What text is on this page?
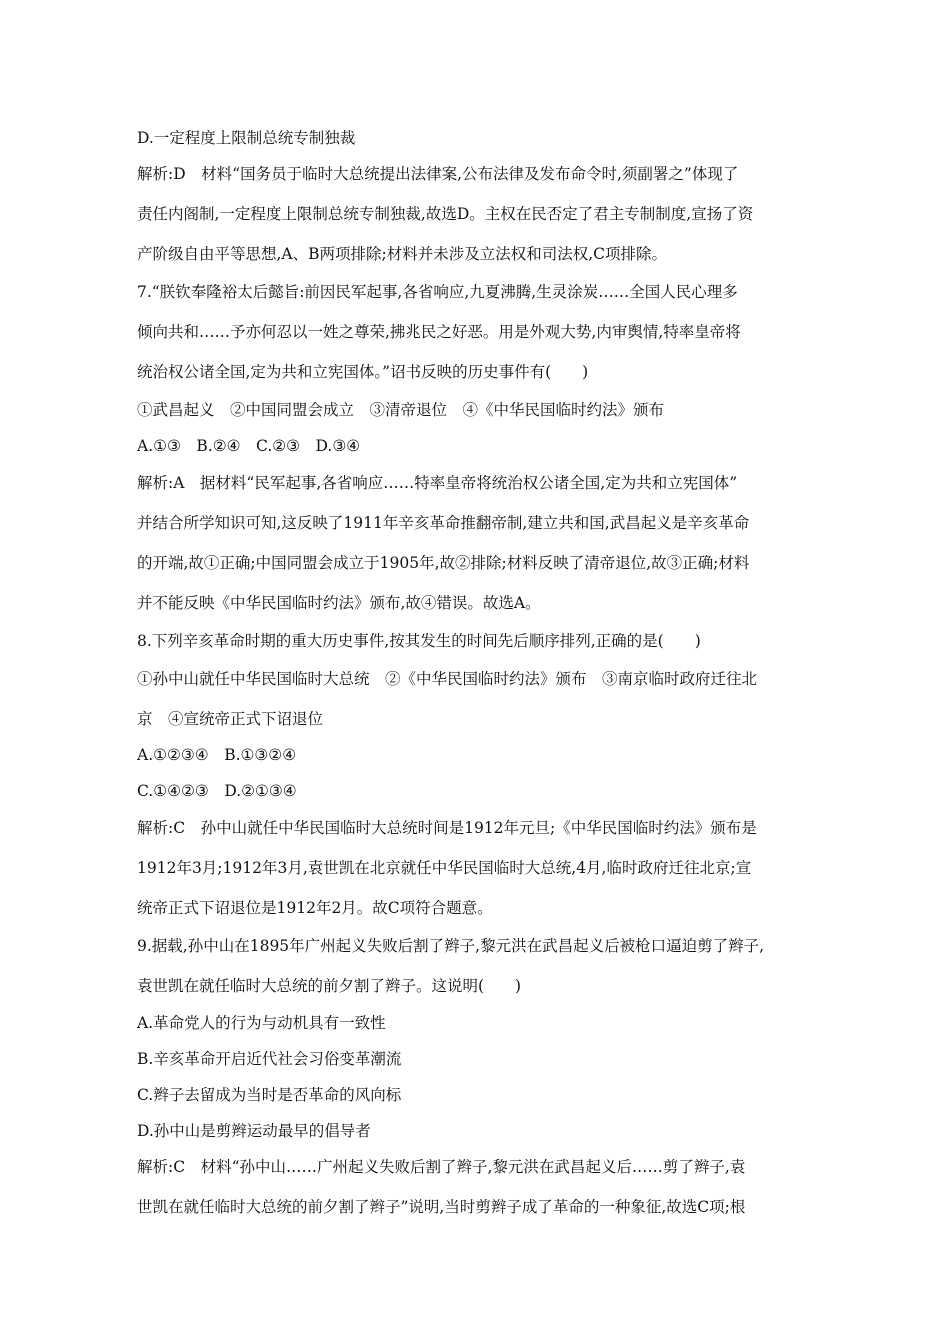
D.一定程度上限制总统专制独裁
解析:D　材料“国务员于临时大总统提出法律案,公布法律及发布命令时,须副署之”体现了
责任内阁制,一定程度上限制总统专制独裁,故选D。主权在民否定了君主专制制度,宣扬了资
产阶级自由平等思想,A、B两项排除;材料并未涉及立法权和司法权,C项排除。
7.“朕钦奉隆裕太后懿旨:前因民军起事,各省响应,九夏沸腾,生灵涂炭……全国人民心理多
倾向共和……予亦何忍以一姓之尊荣,拂兆民之好恶。用是外观大势,内审舆情,特率皇帝将
统治权公诸全国,定为共和立宪国体。”诏书反映的历史事件有(　　)
①武昌起义　②中国同盟会成立　③清帝退位　④《中华民国临时约法》颁布
A.①③　B.②④　C.②③　D.③④
解析:A　据材料“民军起事,各省响应……特率皇帝将统治权公诸全国,定为共和立宪国体”
并结合所学知识可知,这反映了1911年辛亥革命推翻帝制,建立共和国,武昌起义是辛亥革命
的开端,故①正确;中国同盟会成立于1905年,故②排除;材料反映了清帝退位,故③正确;材料
并不能反映《中华民国临时约法》颁布,故④错误。故选A。
8.下列辛亥革命时期的重大历史事件,按其发生的时间先后顺序排列,正确的是(　　)
①孙中山就任中华民国临时大总统　②《中华民国临时约法》颁布　③南京临时政府迁往北
京　④宣统帝正式下诏退位
A.①②③④　B.①③②④
C.①④②③　D.②①③④
解析:C　孙中山就任中华民国临时大总统时间是1912年元旦;《中华民国临时约法》颁布是
1912年3月;1912年3月,袁世凯在北京就任中华民国临时大总统,4月,临时政府迁往北京;宣
统帝正式下诏退位是1912年2月。故C项符合题意。
9.据载,孙中山在1895年广州起义失败后割了辫子,黎元洪在武昌起义后被枪口逼迫剪了辫子,
袁世凯在就任临时大总统的前夕割了辫子。这说明(　　)
A.革命党人的行为与动机具有一致性
B.辛亥革命开启近代社会习俗变革潮流
C.辫子去留成为当时是否革命的风向标
D.孙中山是剪辫运动最早的倡导者
解析:C　材料“孙中山……广州起义失败后割了辫子,黎元洪在武昌起义后……剪了辫子,袁
世凯在就任临时大总统的前夕割了辫子”说明,当时剪辫子成了革命的一种象征,故选C项;根
